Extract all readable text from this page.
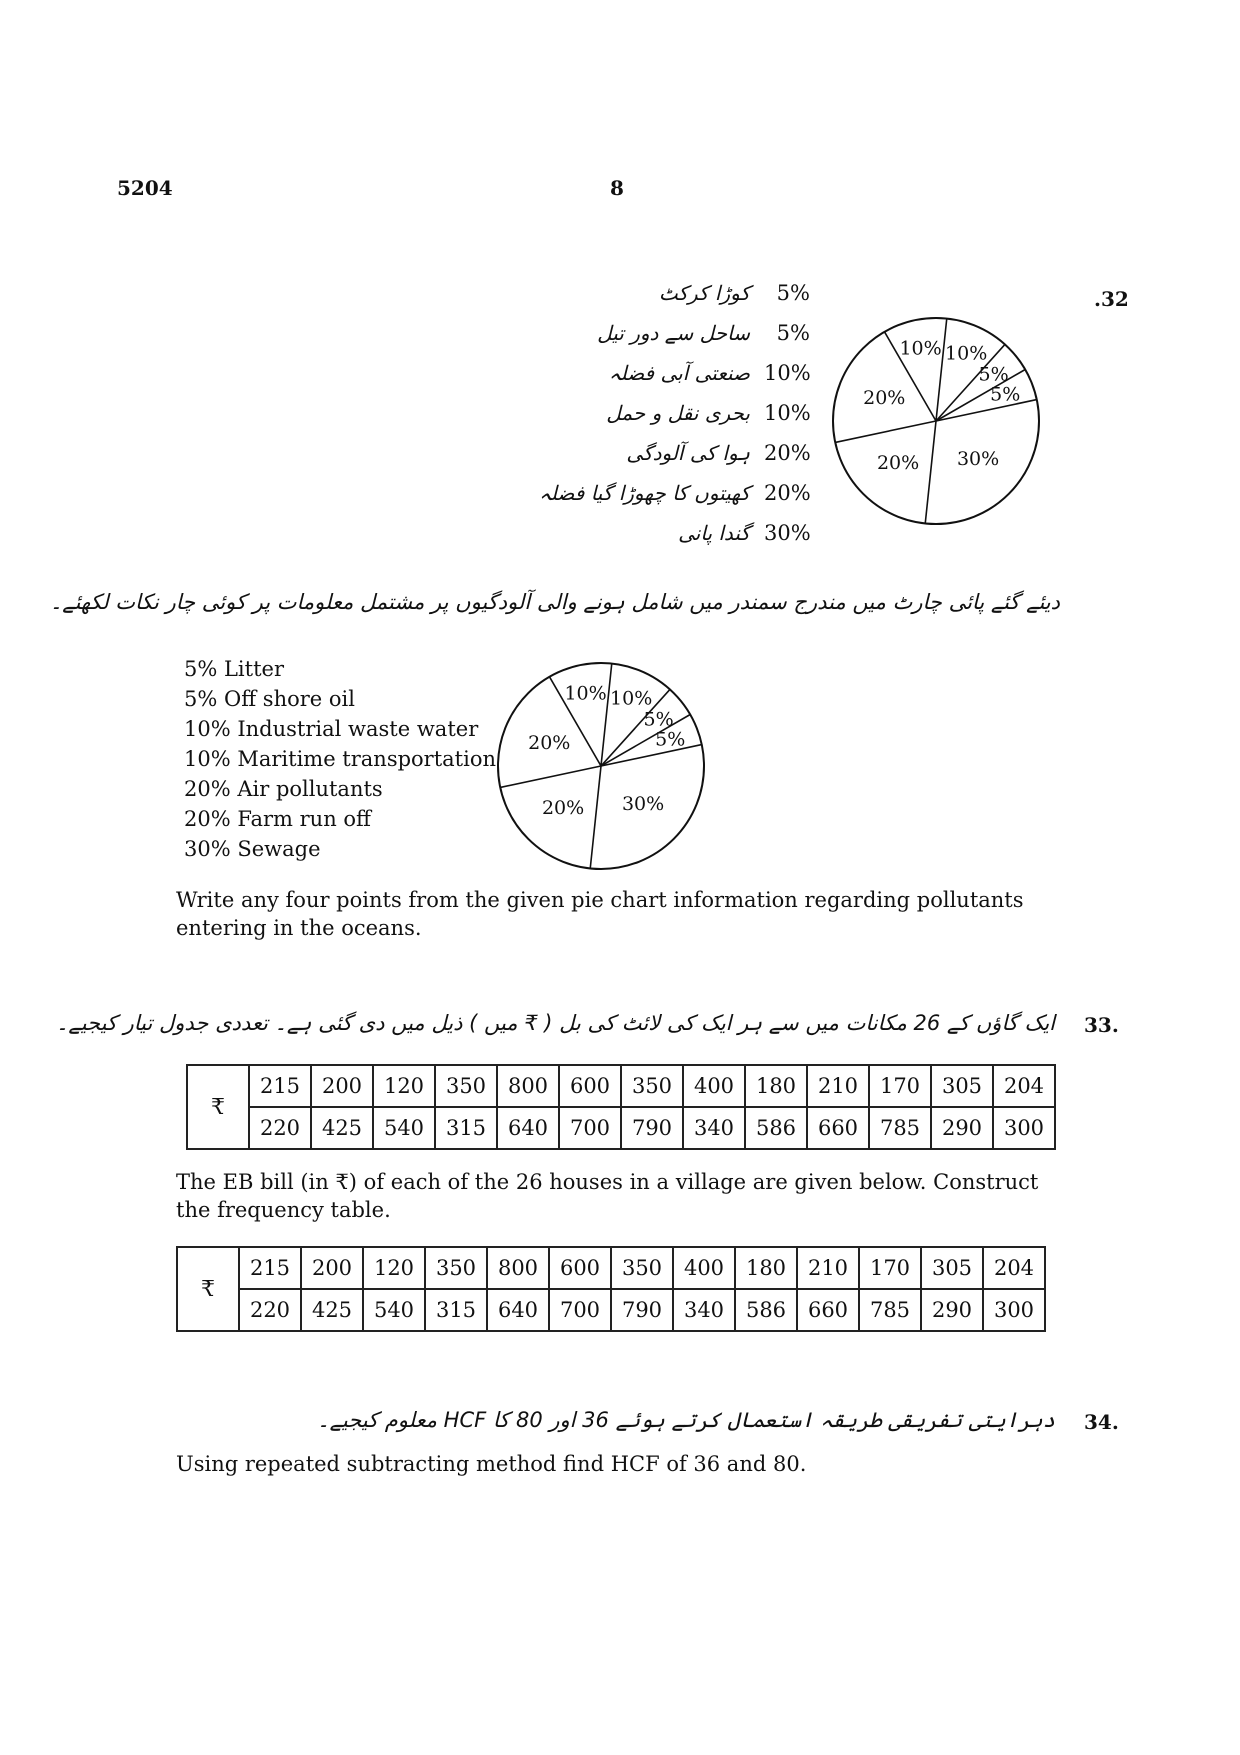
5204	8
.32
کوڑا کرکٹ	5%
ساحل سے دور تیل	5%
صنعتی آبی فضلہ 10%
بحری نقل و حمل 10%
ہوا کی آلودگی 20%
کھیتوں کا چھوڑا گیا فضلہ 20%
گندا پانی 30%
5%
5%
10%
10%
20%
20% 30%
دیئے گئے پائی چارٹ میں مندرج سمندر میں شامل ہونے والی آلودگیوں پر مشتمل معلومات پر کوئی چار نکات لکھئے۔
5% Litter
5% Off shore oil
10% Industrial waste water
10% Maritime transportation
20% Air pollutants
20% Farm run off
30% Sewage
5%
5%
10%
10%
20%
20% 30%
Write any four points from the given pie chart information regarding pollutants entering in the oceans.
33.
ایک گاؤں کے 26 مکانات میں سے ہر ایک کی لائٹ کی بل ( ₹ میں ) ذیل میں دی گئی ہے۔ تعددی جدول تیار کیجیے۔
₹	215	200	120	350	800	600	350	400	180	210	170	305	204
	220	425	540	315	640	700	790	340	586	660	785	290	300
The EB bill (in ₹) of each of the 26 houses in a village are given below. Construct the frequency table.
₹	215	200	120	350	800	600	350	400	180	210	170	305	204
	220	425	540	315	640	700	790	340	586	660	785	290	300
34.
دہرایتی تفریقی طریقہ استعمال کرتے ہوئے 36 اور 80 کا HCF معلوم کیجیے۔
Using repeated subtracting method find HCF of 36 and 80.
